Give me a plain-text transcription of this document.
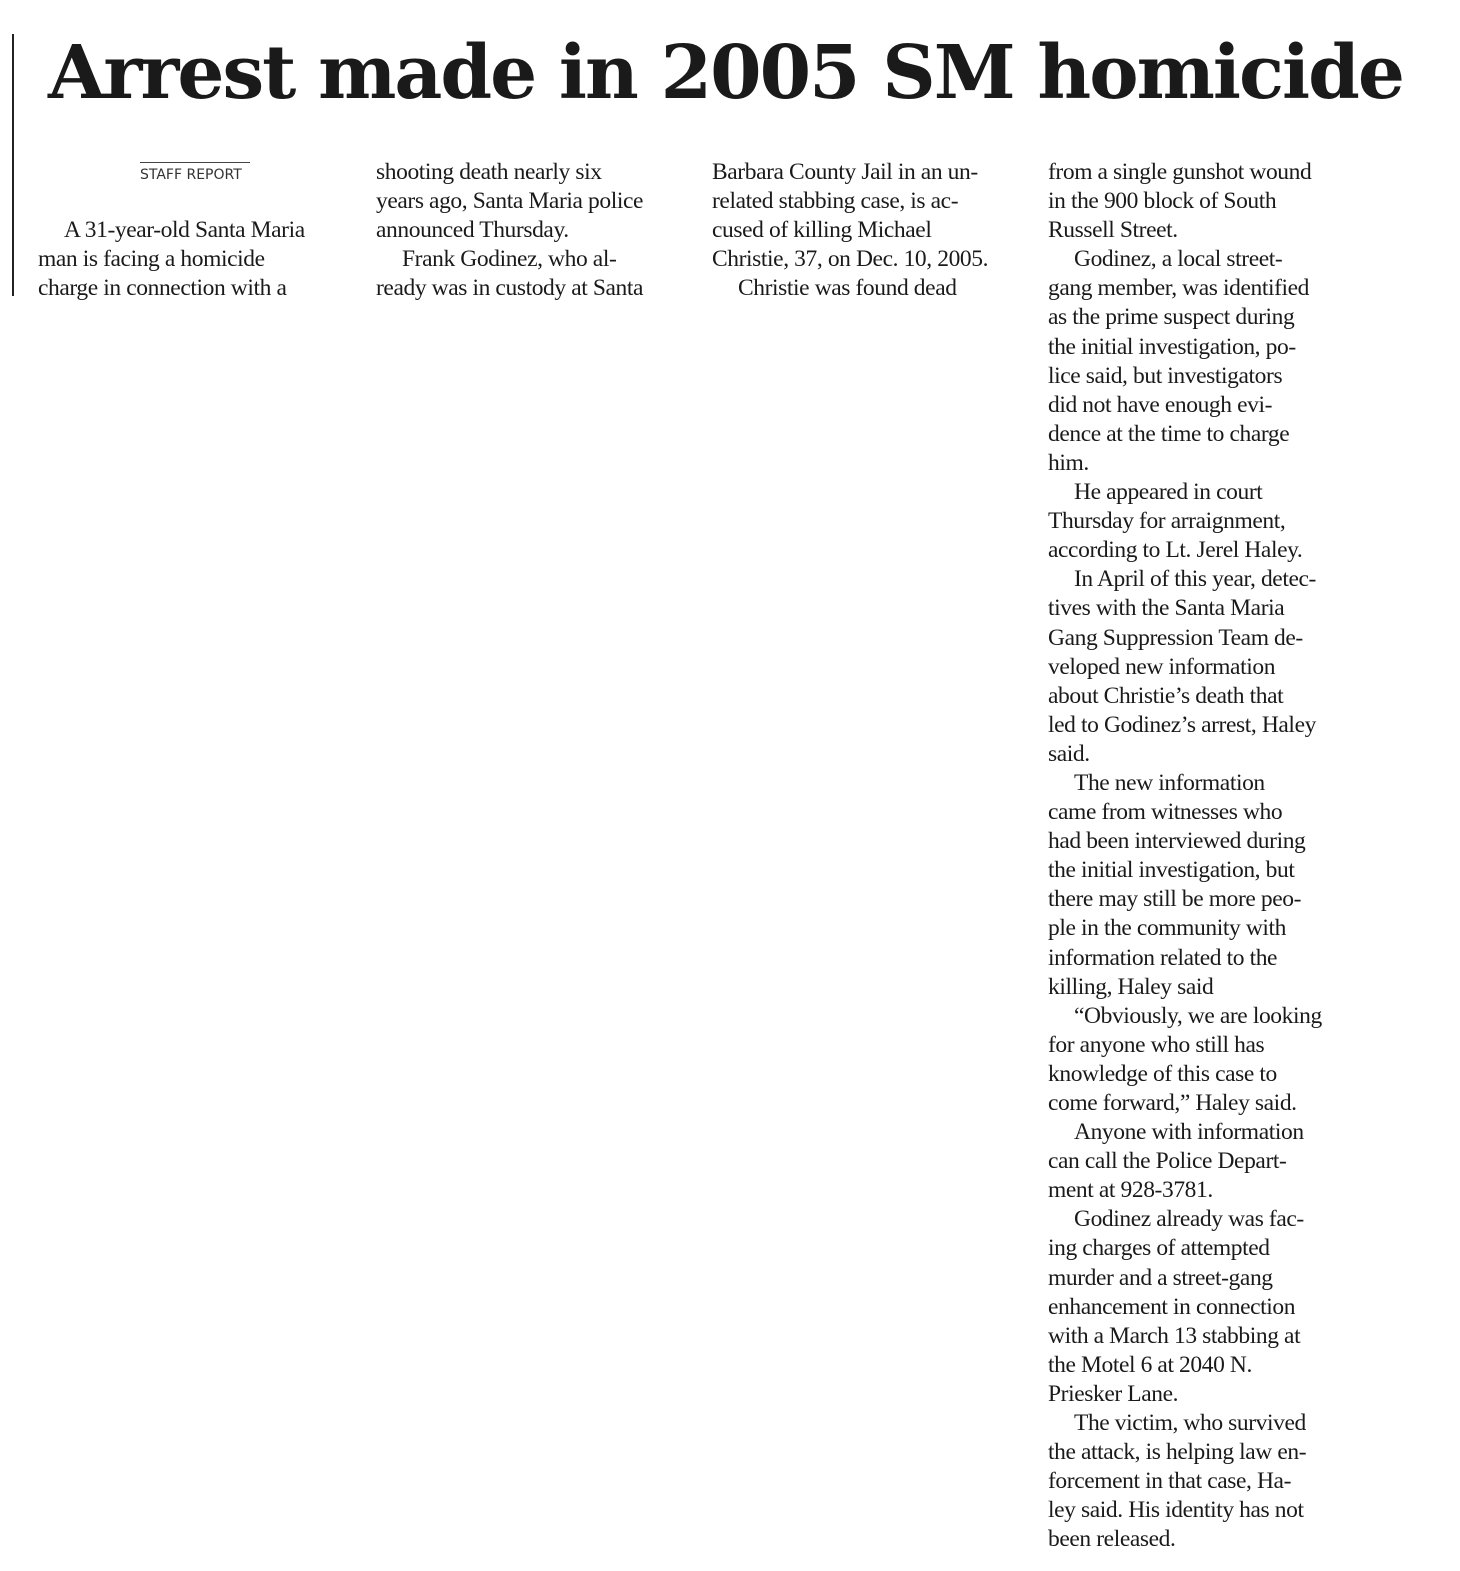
Arrest made in 2005 SM homicide
STAFF REPORT

A 31-year-old Santa Maria

man is facing a homicide

charge in connection with a

shooting death nearly six

years ago, Santa Maria police

announced Thursday.

Frank Godinez, who al-

ready was in custody at Santa

Barbara County Jail in an un-

related stabbing case, is ac-

cused of killing Michael

Christie, 37, on Dec. 10, 2005.

Christie was found dead

from a single gunshot wound

in the 900 block of South

Russell Street.

Godinez, a local street-

gang member, was identified

as the prime suspect during

the initial investigation, po-

lice said, but investigators

did not have enough evi-

dence at the time to charge

him.

He appeared in court

Thursday for arraignment,

according to Lt. Jerel Haley.

In April of this year, detec-

tives with the Santa Maria

Gang Suppression Team de-

veloped new information

about Christie’s death that

led to Godinez’s arrest, Haley

said.

The new information

came from witnesses who

had been interviewed during

the initial investigation, but

there may still be more peo-

ple in the community with

information related to the

killing, Haley said

“Obviously, we are looking

for anyone who still has

knowledge of this case to

come forward,” Haley said.

Anyone with information

can call the Police Depart-

ment at 928-3781.

Godinez already was fac-

ing charges of attempted

murder and a street-gang

enhancement in connection

with a March 13 stabbing at

the Motel 6 at 2040 N.

Priesker Lane.

The victim, who survived

the attack, is helping law en-

forcement in that case, Ha-

ley said. His identity has not

been released.
